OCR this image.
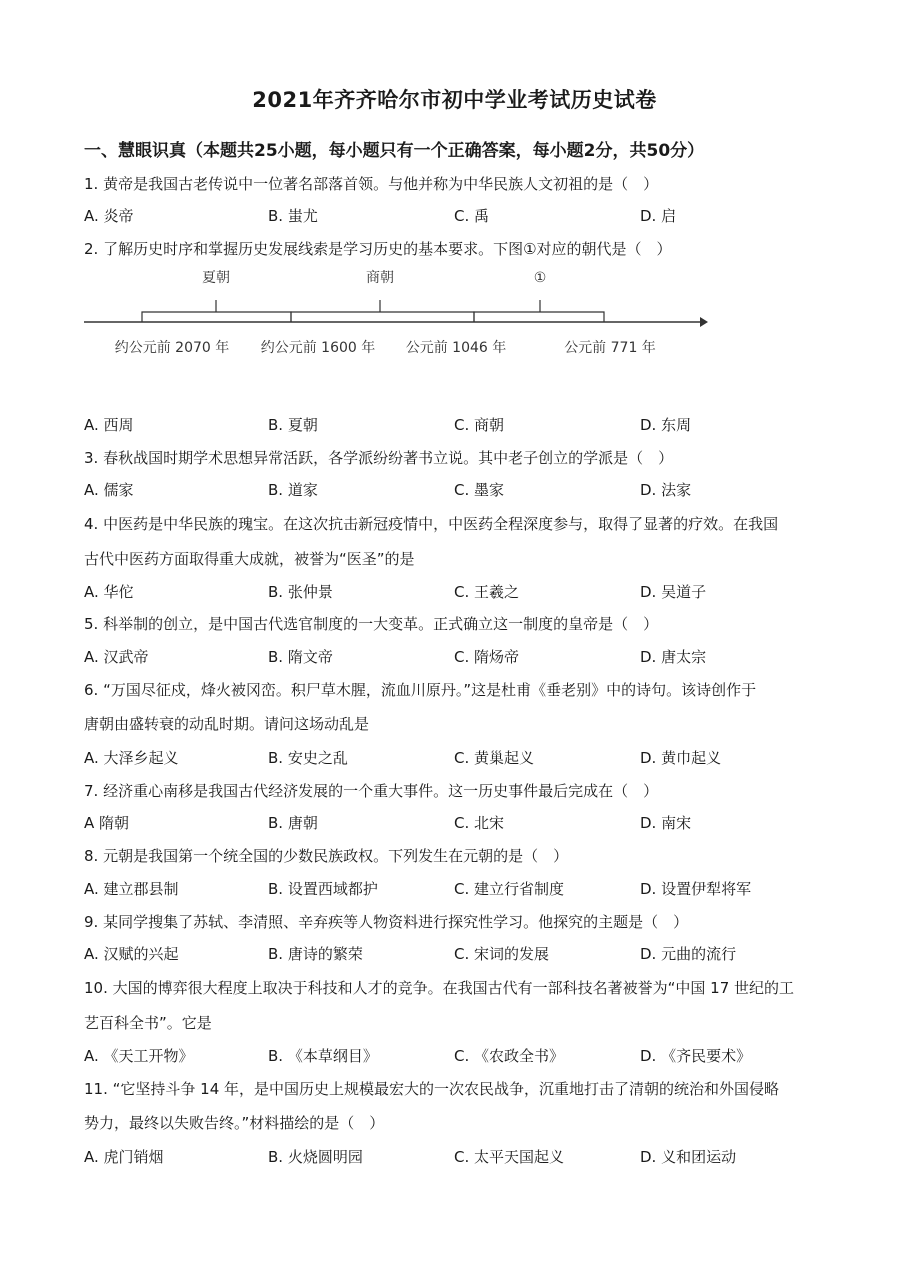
2021年齐齐哈尔市初中学业考试历史试卷
一、慧眼识真（本题共25小题，每小题只有一个正确答案，每小题2分，共50分）
1. 黄帝是我国古老传说中一位著名部落首领。与他并称为中华民族人文初祖的是（　）
A. 炎帝	B. 蚩尤	C. 禹	D. 启
2. 了解历史时序和掌握历史发展线索是学习历史的基本要求。下图①对应的朝代是（　）
夏朝	商朝	①
约公元前 2070 年 约公元前 1600 年 公元前 1046 年	公元前 771 年
A. 西周	B. 夏朝	C. 商朝	D. 东周
3. 春秋战国时期学术思想异常活跃，各学派纷纷著书立说。其中老子创立的学派是（　）
A. 儒家	B. 道家	C. 墨家	D. 法家
4. 中医药是中华民族的瑰宝。在这次抗击新冠疫情中，中医药全程深度参与，取得了显著的疗效。在我国
古代中医药方面取得重大成就，被誉为“医圣”的是
A. 华佗	B. 张仲景	C. 王羲之	D. 吴道子
5. 科举制的创立，是中国古代选官制度的一大变革。正式确立这一制度的皇帝是（　）
A. 汉武帝	B. 隋文帝	C. 隋炀帝	D. 唐太宗
6. “万国尽征戍，烽火被冈峦。积尸草木腥，流血川原丹。”这是杜甫《垂老别》中的诗句。该诗创作于
唐朝由盛转衰的动乱时期。请问这场动乱是
A. 大泽乡起义	B. 安史之乱	C. 黄巢起义	D. 黄巾起义
7. 经济重心南移是我国古代经济发展的一个重大事件。这一历史事件最后完成在（　）
A 隋朝	B. 唐朝	C. 北宋	D. 南宋
8. 元朝是我国第一个统全国的少数民族政权。下列发生在元朝的是（　）
A. 建立郡县制	B. 设置西域都护	C. 建立行省制度	D. 设置伊犁将军
9. 某同学搜集了苏轼、李清照、辛弃疾等人物资料进行探究性学习。他探究的主题是（　）
A. 汉赋的兴起	B. 唐诗的繁荣	C. 宋词的发展	D. 元曲的流行
10. 大国的博弈很大程度上取决于科技和人才的竞争。在我国古代有一部科技名著被誉为“中国 17 世纪的工
艺百科全书”。它是
A. 《天工开物》	B. 《本草纲目》	C. 《农政全书》	D. 《齐民要术》
11. “它坚持斗争 14 年，是中国历史上规模最宏大的一次农民战争，沉重地打击了清朝的统治和外国侵略
势力，最终以失败告终。”材料描绘的是（　）
A. 虎门销烟	B. 火烧圆明园	C. 太平天国起义	D. 义和团运动
